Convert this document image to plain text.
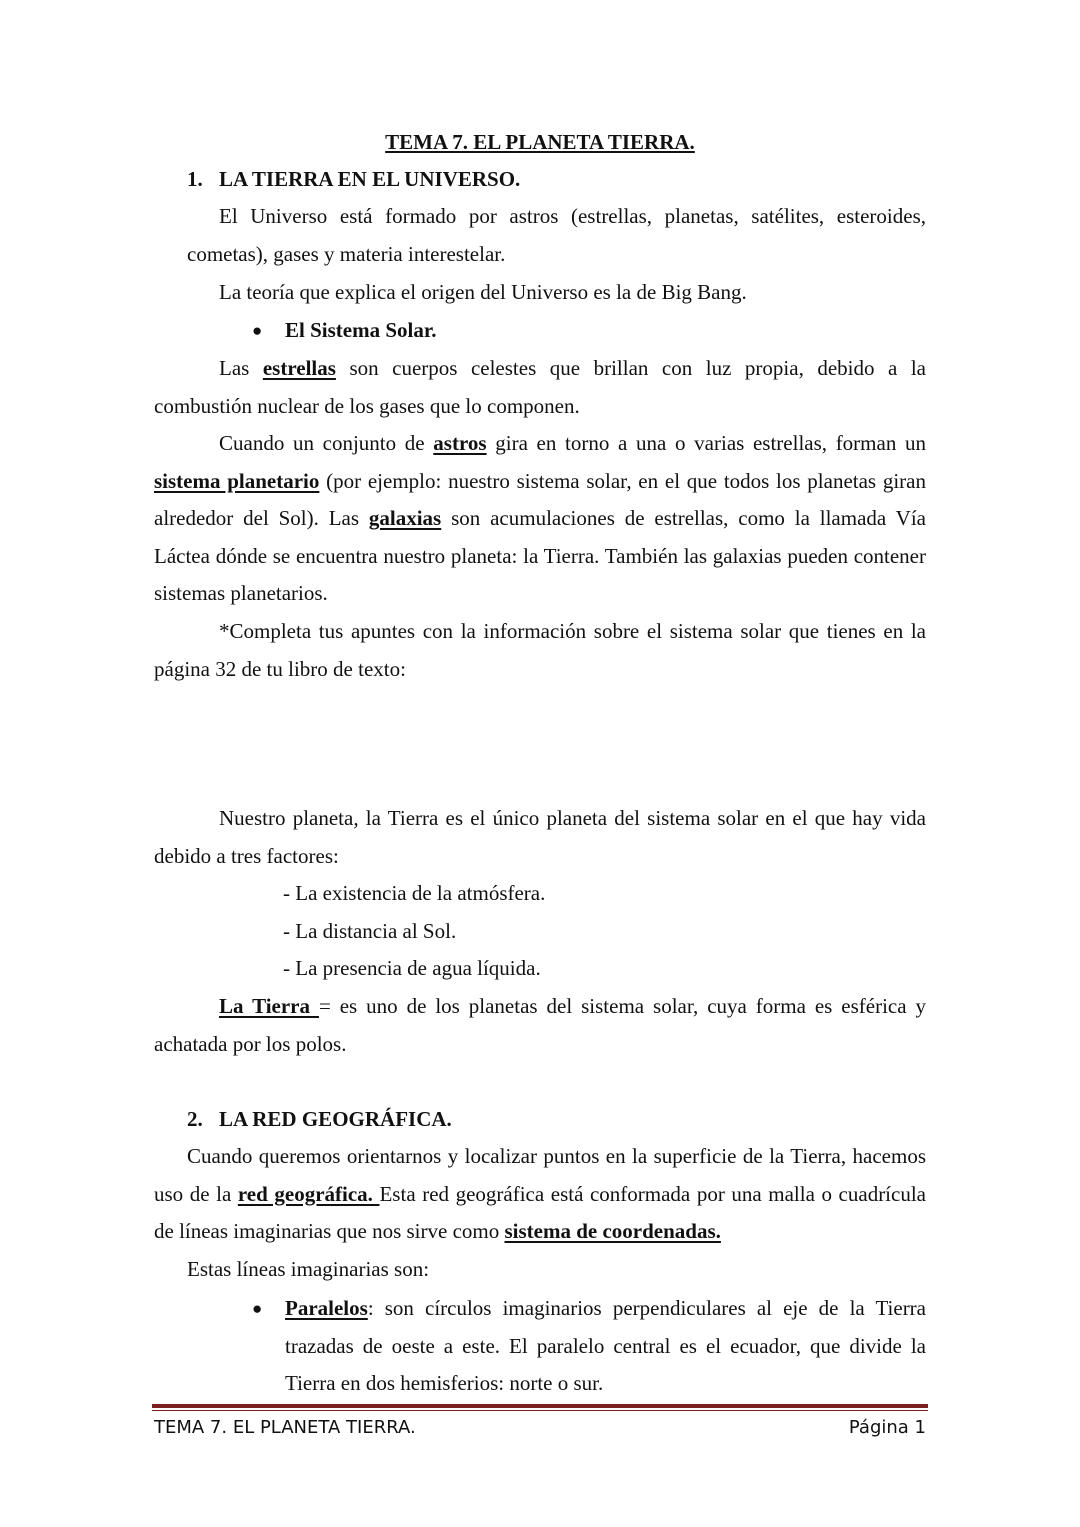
TEMA 7. EL PLANETA TIERRA.
1. LA TIERRA EN EL UNIVERSO.
El Universo está formado por astros (estrellas, planetas, satélites, esteroides, cometas), gases y materia interestelar.
La teoría que explica el origen del Universo es la de Big Bang.
● El Sistema Solar.
Las estrellas son cuerpos celestes que brillan con luz propia, debido a la combustión nuclear de los gases que lo componen.
Cuando un conjunto de astros gira en torno a una o varias estrellas, forman un sistema planetario (por ejemplo: nuestro sistema solar, en el que todos los planetas giran alrededor del Sol). Las galaxias son acumulaciones de estrellas, como la llamada Vía Láctea dónde se encuentra nuestro planeta: la Tierra. También las galaxias pueden contener sistemas planetarios.
*Completa tus apuntes con la información sobre el sistema solar que tienes en la página 32 de tu libro de texto:
Nuestro planeta, la Tierra es el único planeta del sistema solar en el que hay vida debido a tres factores:
- La existencia de la atmósfera.
- La distancia al Sol.
- La presencia de agua líquida.
La Tierra = es uno de los planetas del sistema solar, cuya forma es esférica y achatada por los polos.
2. LA RED GEOGRÁFICA.
Cuando queremos orientarnos y localizar puntos en la superficie de la Tierra, hacemos uso de la red geográfica. Esta red geográfica está conformada por una malla o cuadrícula de líneas imaginarias que nos sirve como sistema de coordenadas.
Estas líneas imaginarias son:
● Paralelos: son círculos imaginarios perpendiculares al eje de la Tierra trazadas de oeste a este. El paralelo central es el ecuador, que divide la Tierra en dos hemisferios: norte o sur.
TEMA 7. EL PLANETA TIERRA.	Página 1
